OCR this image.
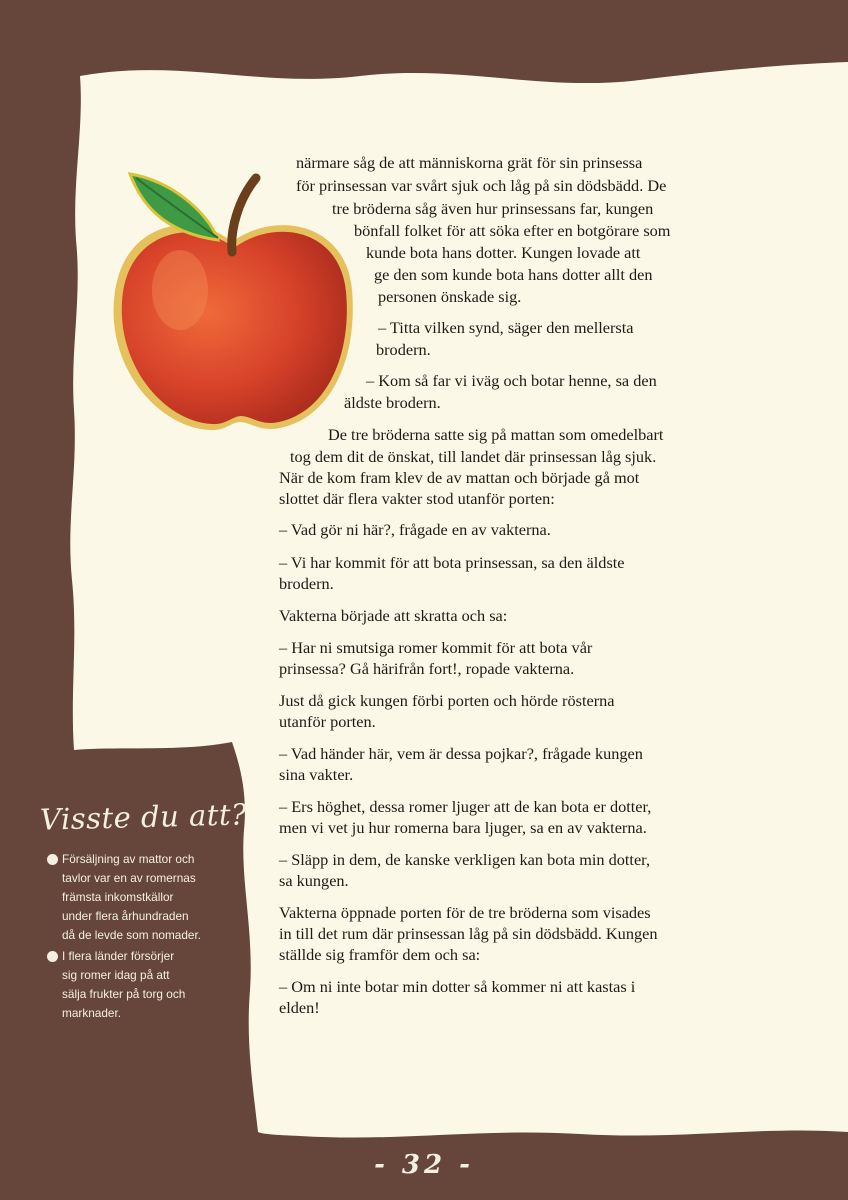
närmare såg de att människorna grät för sin prinsessa
för prinsessan var svårt sjuk och låg på sin dödsbädd. De
tre bröderna såg även hur prinsessans far, kungen
bönfall folket för att söka efter en botgörare som
kunde bota hans dotter. Kungen lovade att
ge den som kunde bota hans dotter allt den
personen önskade sig.
– Titta vilken synd, säger den mellersta
brodern.
– Kom så far vi iväg och botar henne, sa den
äldste brodern.
De tre bröderna satte sig på mattan som omedelbart
tog dem dit de önskat, till landet där prinsessan låg sjuk.
När de kom fram klev de av mattan och började gå mot
slottet där flera vakter stod utanför porten:
– Vad gör ni här?, frågade en av vakterna.
– Vi har kommit för att bota prinsessan, sa den äldste
brodern.
Vakterna började att skratta och sa:
– Har ni smutsiga romer kommit för att bota vår
prinsessa? Gå härifrån fort!, ropade vakterna.
Just då gick kungen förbi porten och hörde rösterna
utanför porten.
– Vad händer här, vem är dessa pojkar?, frågade kungen
sina vakter.
– Ers höghet, dessa romer ljuger att de kan bota er dotter,
men vi vet ju hur romerna bara ljuger, sa en av vakterna.
– Släpp in dem, de kanske verkligen kan bota min dotter,
sa kungen.
Vakterna öppnade porten för de tre bröderna som visades
in till det rum där prinsessan låg på sin dödsbädd. Kungen
ställde sig framför dem och sa:
– Om ni inte botar min dotter så kommer ni att kastas i
elden!
Visste du att?
Försäljning av mattor och
tavlor var en av romernas
främsta inkomstkällor
under flera århundraden
då de levde som nomader.
I flera länder försörjer
sig romer idag på att
sälja frukter på torg och
marknader.
- 32 -
